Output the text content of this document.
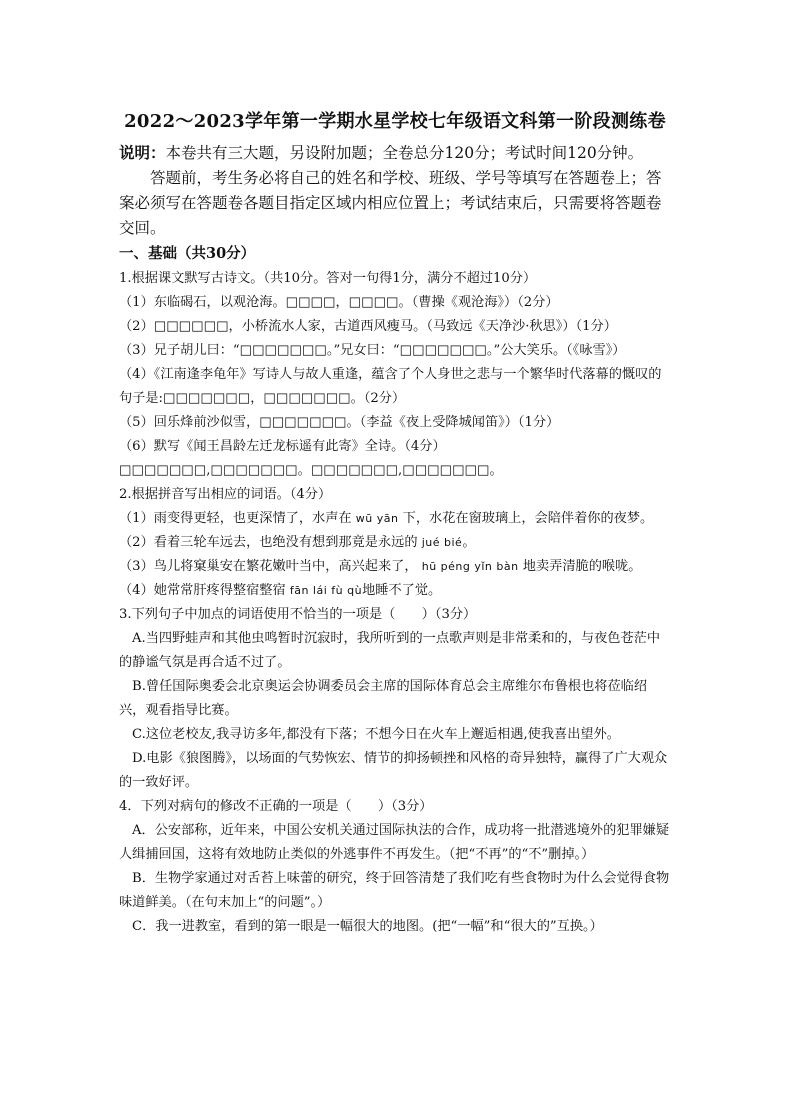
2022～2023学年第一学期水星学校七年级语文科第一阶段测练卷

说明：本卷共有三大题，另设附加题；全卷总分120分；考试时间120分钟。

答题前，考生务必将自己的姓名和学校、班级、学号等填写在答题卷上；答案必须写在答题卷各题目指定区域内相应位置上；考试结束后，只需要将答题卷交回。

一、基础（共30分）

1.根据课文默写古诗文。（共10分。答对一句得1分，满分不超过10分）

（1）东临碣石，以观沧海。□□□□，□□□□。（曹操《观沧海》）（2分）

（2）□□□□□□，小桥流水人家，古道西风瘦马。（马致远《天净沙·秋思》）（1分）

（3）兄子胡儿曰：“□□□□□□□。”兄女曰：“□□□□□□□。”公大笑乐。（《咏雪》）

（4）《江南逢李龟年》写诗人与故人重逢，蕴含了个人身世之悲与一个繁华时代落幕的慨叹的句子是:□□□□□□□，□□□□□□□。（2分）

（5）回乐烽前沙似雪，□□□□□□□。（李益《夜上受降城闻笛》）（1分）

（6）默写《闻王昌龄左迁龙标遥有此寄》全诗。（4分）

□□□□□□□,□□□□□□□。□□□□□□□,□□□□□□□。

2.根据拼音写出相应的词语。（4分）

（1）雨变得更轻，也更深情了，水声在 wū yān 下，水花在窗玻璃上，会陪伴着你的夜梦。

（2）看着三轮车远去，也绝没有想到那竟是永远的 jué bié。

（3）鸟儿将窠巢安在繁花嫩叶当中，高兴起来了， hū péng yǐn bàn 地卖弄清脆的喉咙。

（4）她常常肝疼得整宿整宿 fān lái fù qù地睡不了觉。

3.下列句子中加点的词语使用不恰当的一项是（　　）（3分）

A.当四野蛙声和其他虫鸣暂时沉寂时，我所听到的一点歌声则是非常柔和的，与夜色苍茫中的静谧气氛是再合适不过了。

B.曾任国际奥委会北京奥运会协调委员会主席的国际体育总会主席维尔布鲁根也将莅临绍兴，观看指导比赛。

C.这位老校友,我寻访多年,都没有下落；不想今日在火车上邂逅相遇,使我喜出望外。

D.电影《狼图腾》，以场面的气势恢宏、情节的抑扬顿挫和风格的奇异独特，赢得了广大观众的一致好评。

4．下列对病句的修改不正确的一项是（　　）（3分）

A．公安部称，近年来，中国公安机关通过国际执法的合作，成功将一批潜逃境外的犯罪嫌疑人缉捕回国，这将有效地防止类似的外逃事件不再发生。（把“不再”的“不”删掉。）

B．生物学家通过对舌苔上味蕾的研究，终于回答清楚了我们吃有些食物时为什么会觉得食物味道鲜美。（在句末加上“的问题”。）

C．我一进教室，看到的第一眼是一幅很大的地图。(把“一幅”和“很大的”互换。）
